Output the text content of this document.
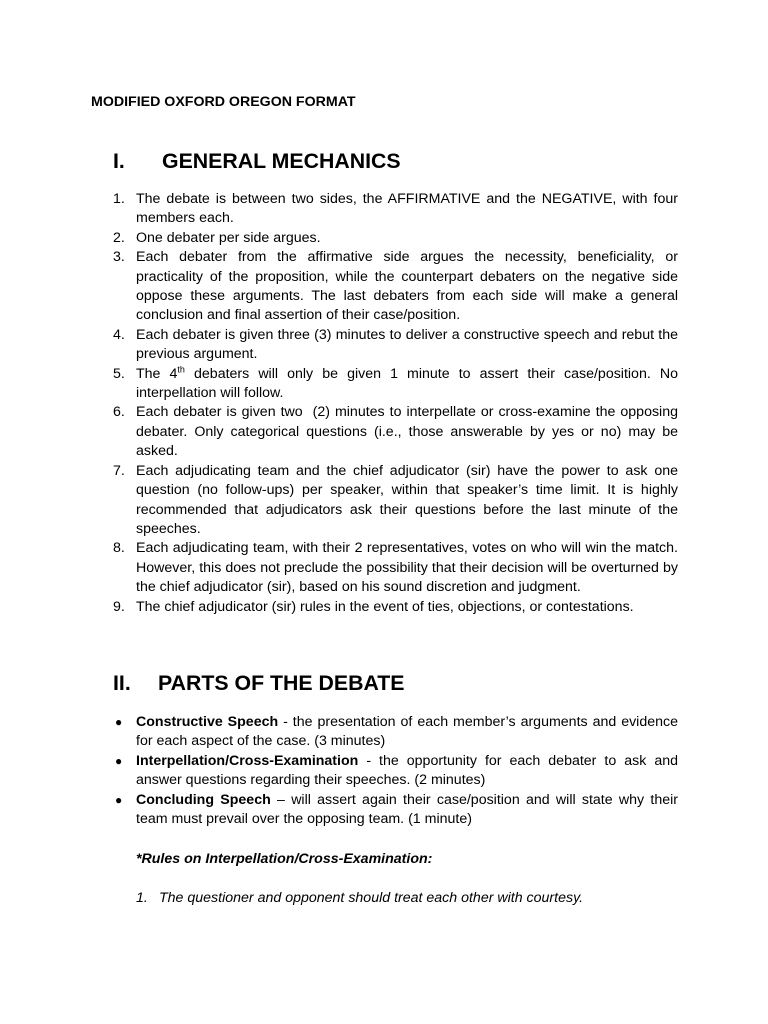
MODIFIED OXFORD OREGON FORMAT
I.	GENERAL MECHANICS
1. The debate is between two sides, the AFFIRMATIVE and the NEGATIVE, with four members each.
2. One debater per side argues.
3. Each debater from the affirmative side argues the necessity, beneficiality, or practicality of the proposition, while the counterpart debaters on the negative side oppose these arguments. The last debaters from each side will make a general conclusion and final assertion of their case/position.
4. Each debater is given three (3) minutes to deliver a constructive speech and rebut the previous argument.
5. The 4th debaters will only be given 1 minute to assert their case/position. No interpellation will follow.
6. Each debater is given two  (2) minutes to interpellate or cross-examine the opposing debater. Only categorical questions (i.e., those answerable by yes or no) may be asked.
7. Each adjudicating team and the chief adjudicator (sir) have the power to ask one question (no follow-ups) per speaker, within that speaker’s time limit. It is highly recommended that adjudicators ask their questions before the last minute of the speeches.
8. Each adjudicating team, with their 2 representatives, votes on who will win the match. However, this does not preclude the possibility that their decision will be overturned by the chief adjudicator (sir), based on his sound discretion and judgment.
9. The chief adjudicator (sir) rules in the event of ties, objections, or contestations.
II.	PARTS OF THE DEBATE
● Constructive Speech - the presentation of each member’s arguments and evidence for each aspect of the case. (3 minutes)
● Interpellation/Cross-Examination - the opportunity for each debater to ask and answer questions regarding their speeches. (2 minutes)
● Concluding Speech – will assert again their case/position and will state why their team must prevail over the opposing team. (1 minute)

*Rules on Interpellation/Cross-Examination:

1. The questioner and opponent should treat each other with courtesy.
